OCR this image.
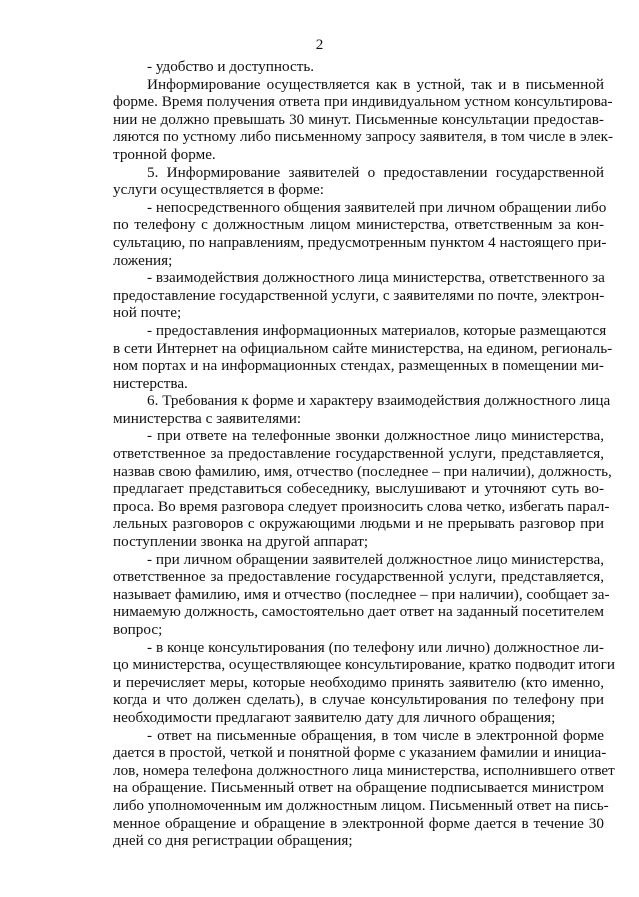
2
- удобство и доступность.
Информирование осуществляется как в устной, так и в письменной
форме. Время получения ответа при индивидуальном устном консультирова-
нии не должно превышать 30 минут. Письменные консультации предостав-
ляются по устному либо письменному запросу заявителя, в том числе в элек-
тронной форме.
5. Информирование заявителей о предоставлении государственной
услуги осуществляется в форме:
- непосредственного общения заявителей при личном обращении либо
по телефону с должностным лицом министерства, ответственным за кон-
сультацию, по направлениям, предусмотренным пунктом 4 настоящего при-
ложения;
- взаимодействия должностного лица министерства, ответственного за
предоставление государственной услуги, с заявителями по почте, электрон-
ной почте;
- предоставления информационных материалов, которые размещаются
в сети Интернет на официальном сайте министерства, на едином, региональ-
ном портах и на информационных стендах, размещенных в помещении ми-
нистерства.
6. Требования к форме и характеру взаимодействия должностного лица
министерства с заявителями:
- при ответе на телефонные звонки должностное лицо министерства,
ответственное за предоставление государственной услуги, представляется,
назвав свою фамилию, имя, отчество (последнее – при наличии), должность,
предлагает представиться собеседнику, выслушивают и уточняют суть во-
проса. Во время разговора следует произносить слова четко, избегать парал-
лельных разговоров с окружающими людьми и не прерывать разговор при
поступлении звонка на другой аппарат;
- при личном обращении заявителей должностное лицо министерства,
ответственное за предоставление государственной услуги, представляется,
называет фамилию, имя и отчество (последнее – при наличии), сообщает за-
нимаемую должность, самостоятельно дает ответ на заданный посетителем
вопрос;
- в конце консультирования (по телефону или лично) должностное ли-
цо министерства, осуществляющее консультирование, кратко подводит итоги
и перечисляет меры, которые необходимо принять заявителю (кто именно,
когда и что должен сделать), в случае консультирования по телефону при
необходимости предлагают заявителю дату для личного обращения;
- ответ на письменные обращения, в том числе в электронной форме
дается в простой, четкой и понятной форме с указанием фамилии и инициа-
лов, номера телефона должностного лица министерства, исполнившего ответ
на обращение. Письменный ответ на обращение подписывается министром
либо уполномоченным им должностным лицом. Письменный ответ на пись-
менное обращение и обращение в электронной форме дается в течение 30
дней со дня регистрации обращения;
